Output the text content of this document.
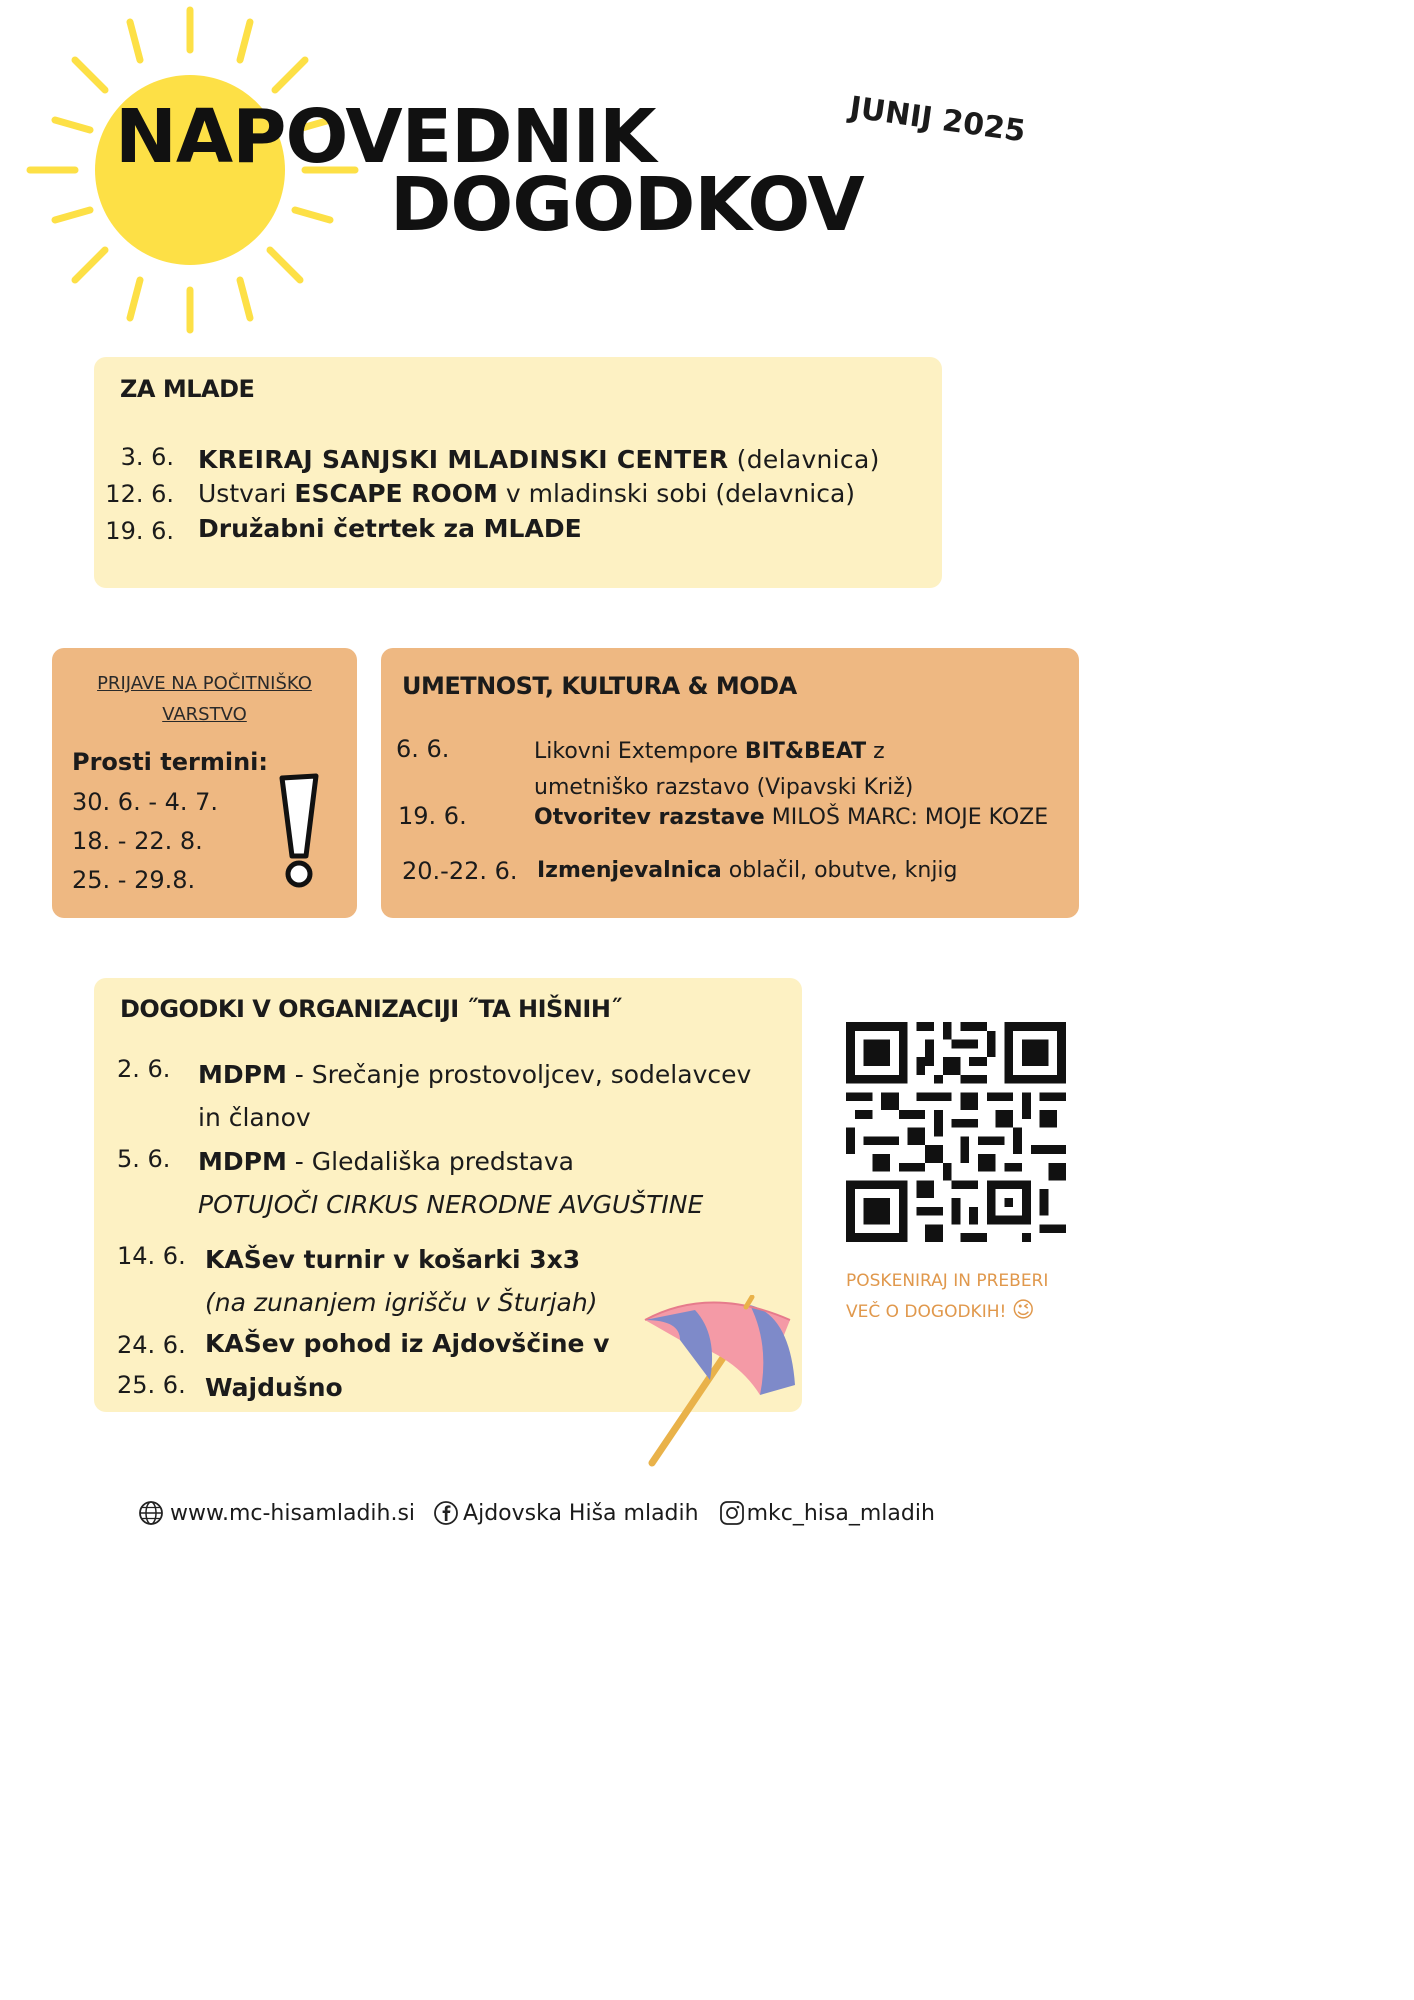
NAPOVEDNIK
DOGODKOV
JUNIJ 2025
ZA MLADE
3. 6. KREIRAJ SANJSKI MLADINSKI CENTER (delavnica)
12. 6. Ustvari ESCAPE ROOM v mladinski sobi (delavnica)
19. 6. Družabni četrtek za MLADE
PRIJAVE NA POČITNIŠKO
VARSTVO
Prosti termini:
30. 6. - 4. 7.
18. - 22. 8.
25. - 29.8.
UMETNOST, KULTURA & MODA
6. 6.	Likovni Extempore BIT&BEAT z
umetniško razstavo (Vipavski Križ)
19. 6.	Otvoritev razstave MILOŠ MARC: MOJE KOZE
20.-22. 6. Izmenjevalnica oblačil, obutve, knjig
DOGODKI V ORGANIZACIJI ˝TA HIŠNIH˝
2. 6. MDPM - Srečanje prostovoljcev, sodelavcev
in članov
5. 6. MDPM - Gledališka predstava
POTUJOČI CIRKUS NERODNE AVGUŠTINE
14. 6. KAŠev turnir v košarki 3x3
(na zunanjem igrišču v Šturjah)
24. 6. KAŠev pohod iz Ajdovščine v
25. 6. Wajdušno
POSKENIRAJ IN PREBERI
VEČ O DOGODKIH! 😉
www.mc-hisamladih.si Ajdovska Hiša mladih mkc_hisa_mladih
